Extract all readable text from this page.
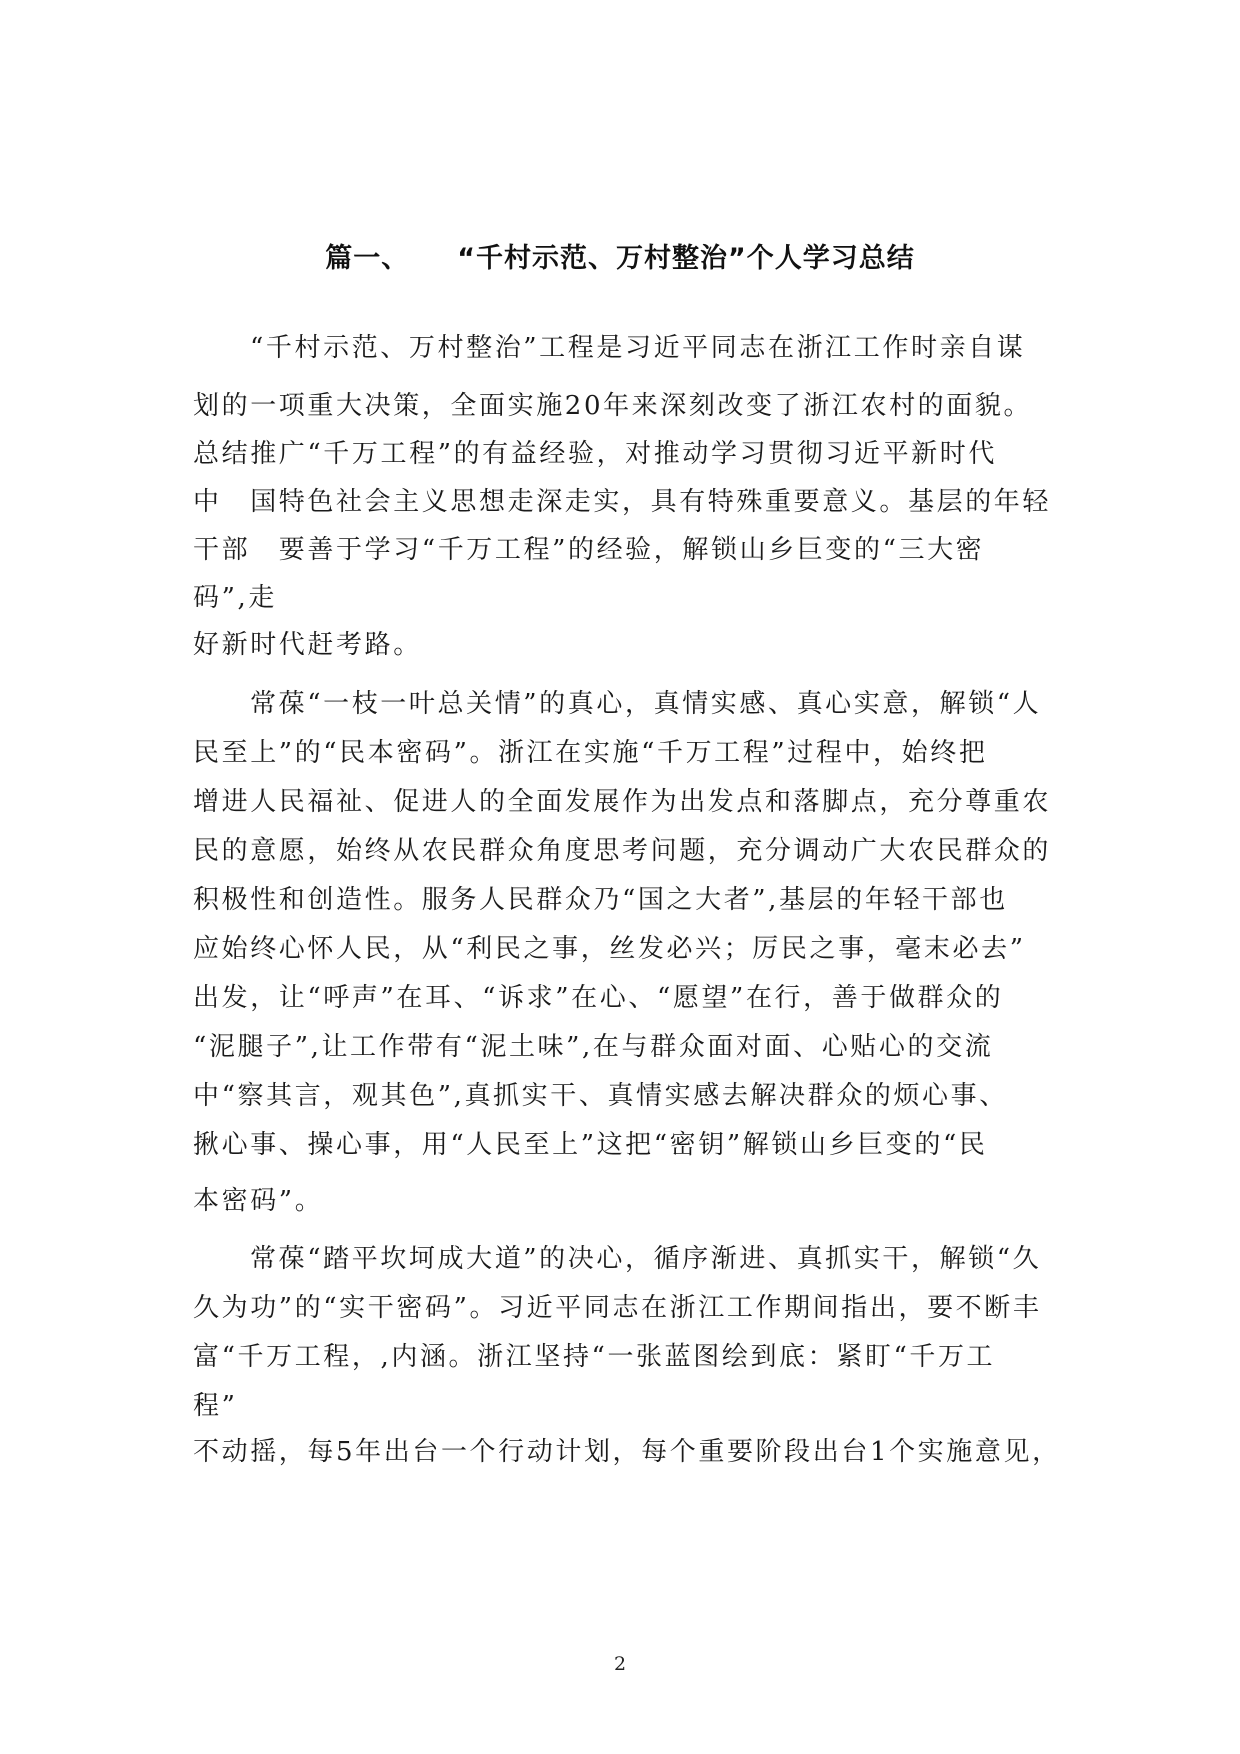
篇一、 “千村示范、万村整治”个人学习总结
“千村示范、万村整治”工程是习近平同志在浙江工作时亲自谋
划的一项重大决策，全面实施20年来深刻改变了浙江农村的面貌。
总结推广“千万工程”的有益经验，对推动学习贯彻习近平新时代
中　国特色社会主义思想走深走实，具有特殊重要意义。基层的年轻
干部　要善于学习“千万工程”的经验，解锁山乡巨变的“三大密
码”,走
好新时代赶考路。
常葆“一枝一叶总关情”的真心，真情实感、真心实意，解锁“人
民至上”的“民本密码”。浙江在实施“千万工程”过程中，始终把
增进人民福祉、促进人的全面发展作为出发点和落脚点，充分尊重农
民的意愿，始终从农民群众角度思考问题，充分调动广大农民群众的
积极性和创造性。服务人民群众乃“国之大者”,基层的年轻干部也
应始终心怀人民，从“利民之事，丝发必兴；厉民之事，毫末必去”
出发，让“呼声”在耳、“诉求”在心、“愿望”在行，善于做群众的
“泥腿子”,让工作带有“泥土味”,在与群众面对面、心贴心的交流
中“察其言，观其色”,真抓实干、真情实感去解决群众的烦心事、
揪心事、操心事，用“人民至上”这把“密钥”解锁山乡巨变的“民
本密码”。
常葆“踏平坎坷成大道”的决心，循序渐进、真抓实干，解锁“久
久为功”的“实干密码”。习近平同志在浙江工作期间指出，要不断丰
富“千万工程，,内涵。浙江坚持“一张蓝图绘到底：紧盯“千万工
程”
不动摇，每5年出台一个行动计划，每个重要阶段出台1个实施意见，
2
